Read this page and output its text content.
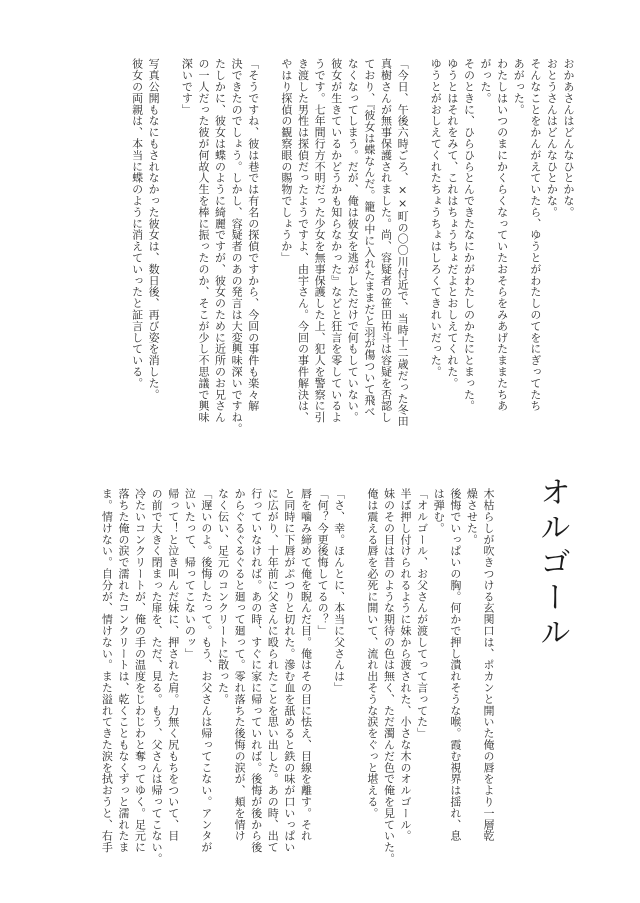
おかあさんはどんなひとかな。

おとうさんはどんなひとかな。

そんなことをかんがえていたら、ゆうとがわたしのてをにぎってたち

あがった。

わたしはいつのまにかくらくなっていたおそらをみあげたままたちあ

がった。

そのときに、ひらひらとんできたなにかがわたしのかたにとまった。

ゆうとはそれをみて、これはちょうちょだよとおしえてくれた。

ゆうとがおしえてくれたちょうちょはしろくてきれいだった。

「今日、午後六時ごろ、××町の〇〇川付近で、当時十二歳だった冬田

真樹さんが無事保護されました。尚、容疑者の笹田祐斗は容疑を否認し

ており、『彼女は蝶なんだ。籠の中に入れたままだと羽が傷ついて飛べ

なくなってしまう。だが、俺は彼女を逃がしただけで何もしていない。

彼女が生きているかどうかも知らなかった』などと狂言を零しているよ

うです。七年間行方不明だった少女を無事保護した上、犯人を警察に引

き渡した男性は探偵だったようですよ、由宇さん。今回の事件解決は、

やはり探偵の観察眼の賜物でしょうか」

「そうですね、彼は巷では有名の探偵ですから、今回の事件も楽々解

決できたのでしょう。しかし、容疑者のあの発言は大変興味深いですね。

たしかに、彼女は蝶のように綺麗ですが、彼女のために近所のお兄さん

の一人だった彼が何故人生を棒に振ったのか、そこが少し不思議で興味

深いです」

写真公開もなにもされなかった彼女は、数日後、再び姿を消した。

彼女の両親は、本当に蝶のように消えていったと証言している。

オルゴール

木枯らしが吹きつける玄関口は、ポカンと開いた俺の唇をより一層乾

燥させた。

後悔でいっぱいの胸。何かで押し潰れそうな喉。霞む視界は揺れ、息

は弾む。

「オルゴール、お父さんが渡してって言ってた」

半ば押し付けられるように妹から渡された、小さな木のオルゴール。

妹のその目は昔のような期待の色は無く、ただ濁んだ色で俺を見ていた。

俺は震える唇を必死に開いて、流れ出そうな涙をぐっと堪える。

「さ、幸。ほんとに、本当に父さんは」

「何？今更後悔してるの？」

唇を噛み締めて俺を睨んだ目。俺はその目に怯え、目線を離す。それ

と同時に下唇がぷつりと切れた。滲む血を舐めると鉄の味が口いっぱい

に広がり、十年前に父さんに殴られたことを思い出した。あの時、出て

行っていなければ。あの時、すぐに家に帰っていれば。後悔が後から後

からぐるぐるぐると廻って廻って。零れ落ちた後悔の涙が、頬を情け

なく伝い、足元のコンクリートに散った。

「遅いのよ。後悔したって。もう、お父さんは帰ってこない。アンタが

泣いたって、帰ってこないのッ」

帰って！と泣き叫んだ妹に、押された肩。力無く尻もちをついて、目

の前で大きく閉まった扉を、ただ、見る。もう、父さんは帰ってこない。

冷たいコンクリートが、俺の手の温度をじわじわと奪ってゆく。足元に

落ちた俺の涙で濡れたコンクリートは、乾くこともなくずっと濡れたま

ま。情けない。自分が、情けない。また溢れてきた涙を拭おうと、右手
